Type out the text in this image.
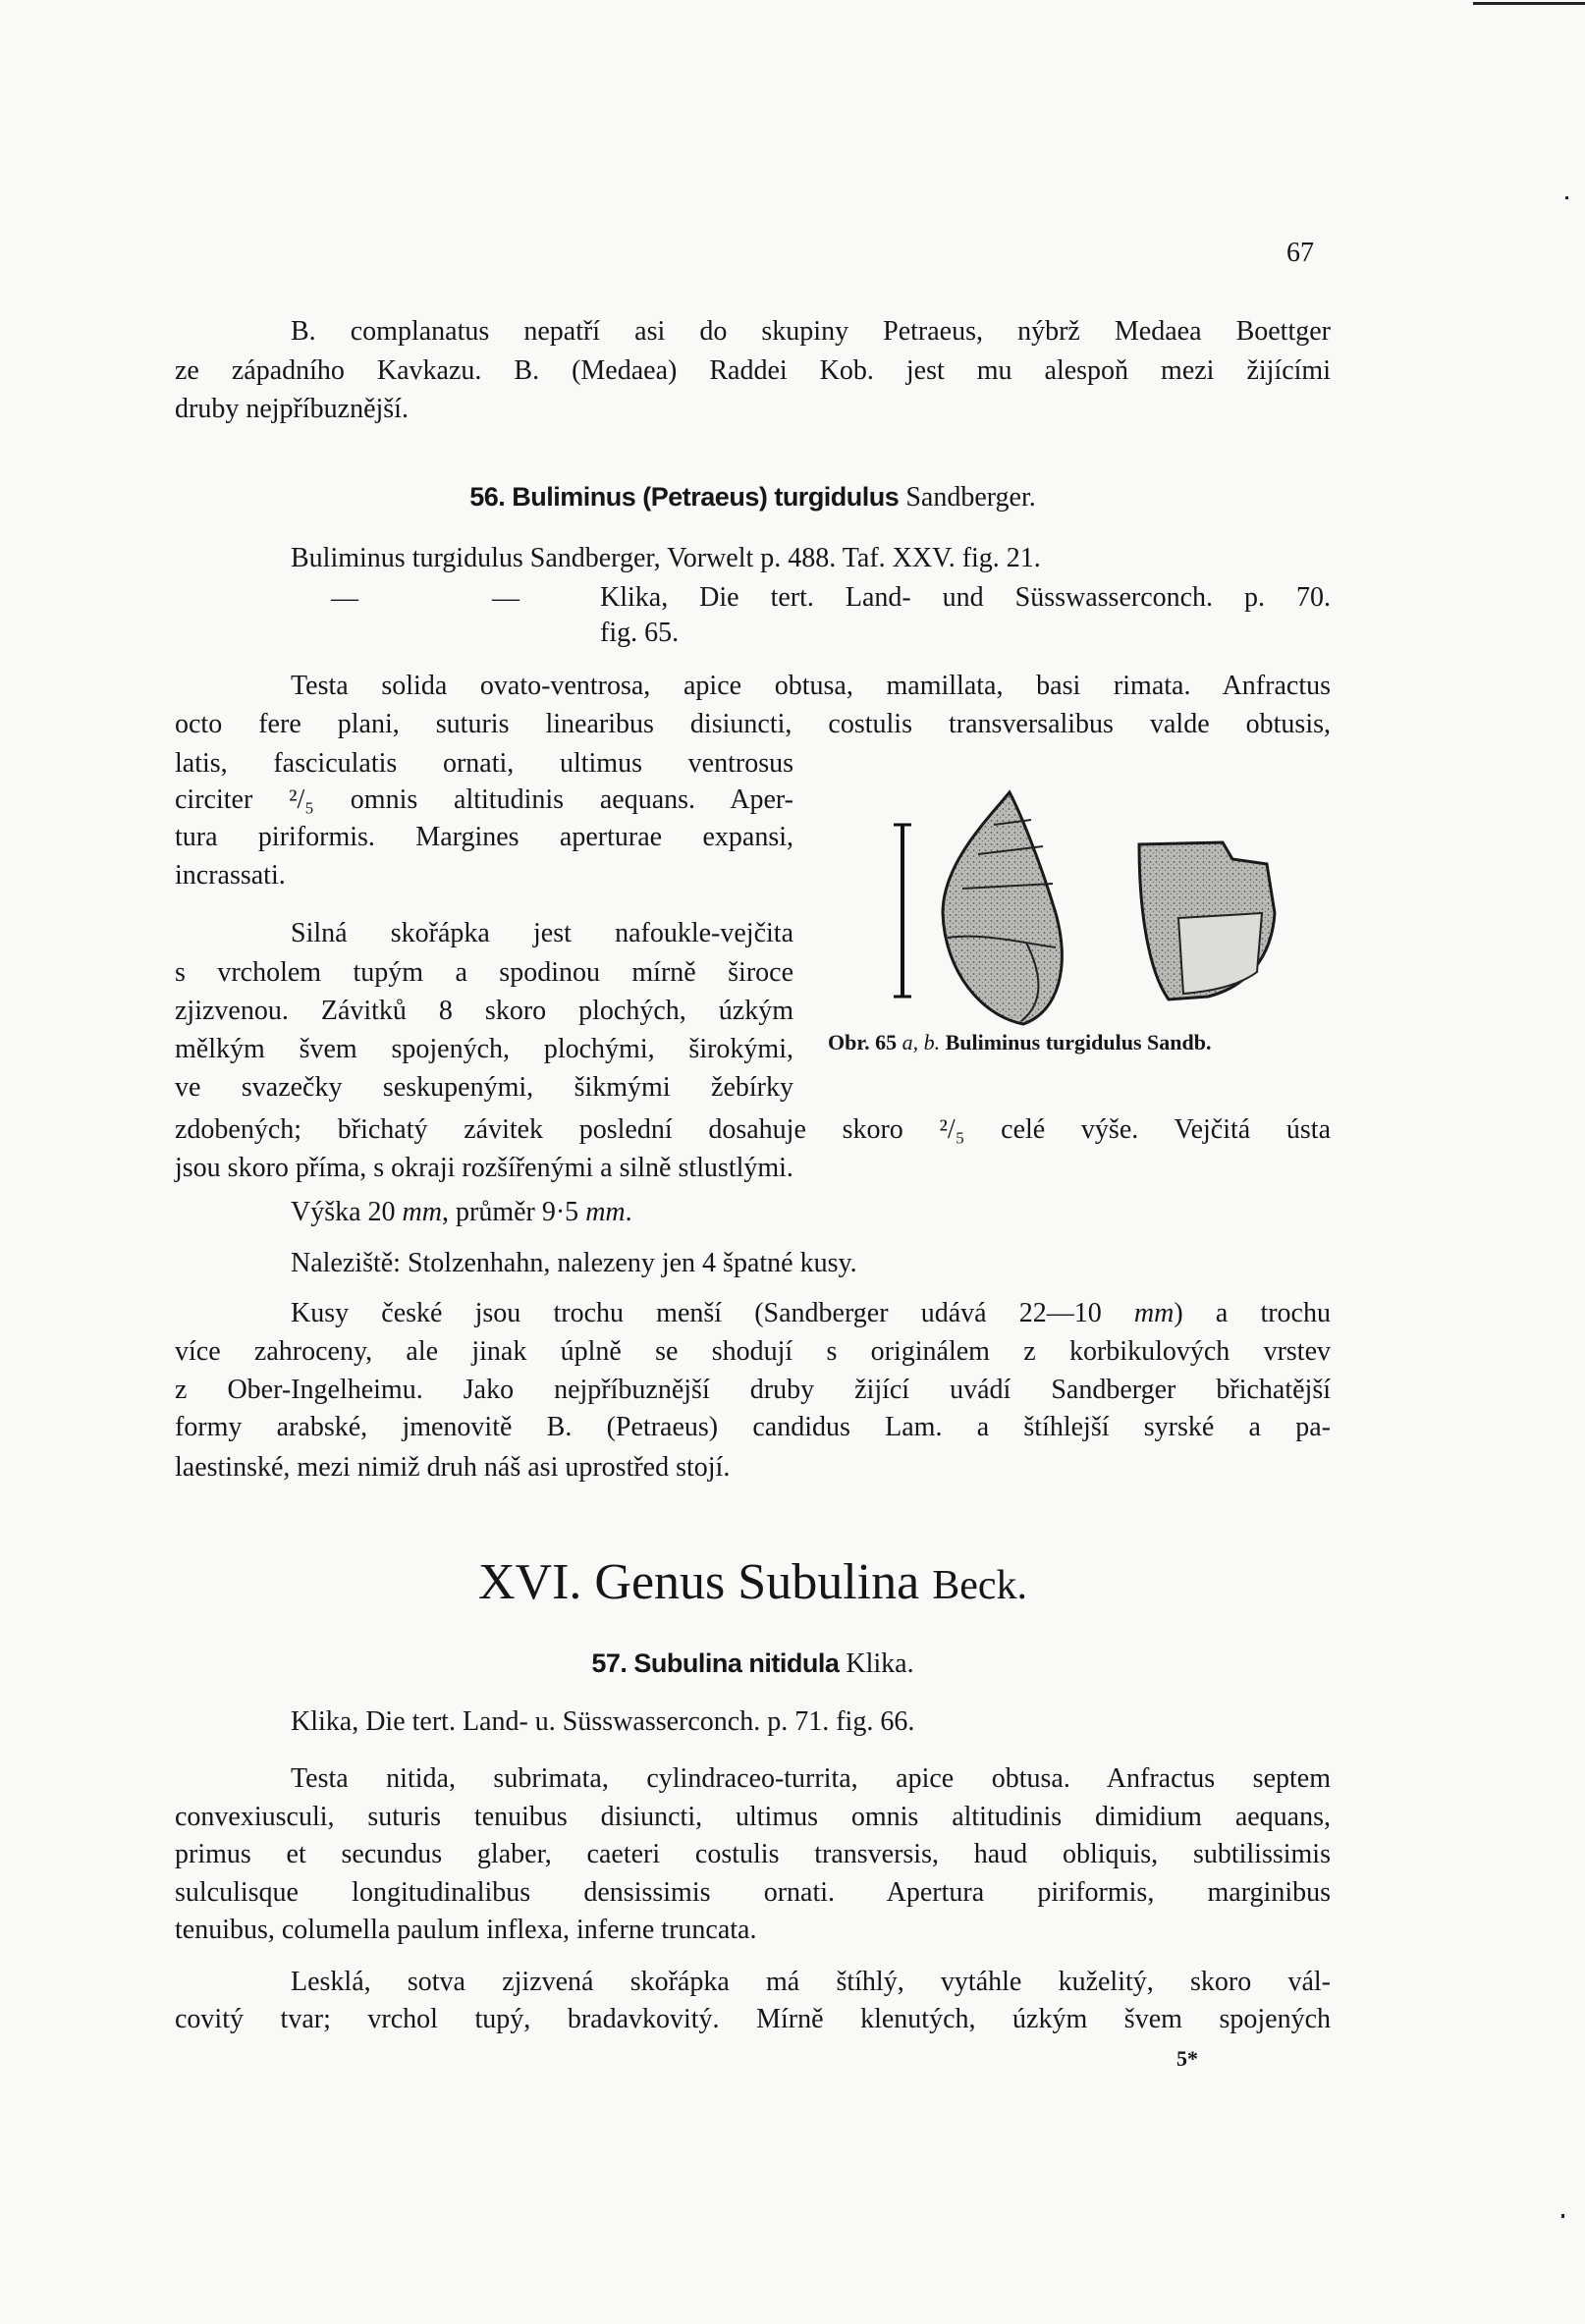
67
B. complanatus nepatří asi do skupiny Petraeus, nýbrž Medaea Boettger
ze západního Kavkazu. B. (Medaea) Raddei Kob. jest mu alespoň mezi žijícími
druby nejpříbuznější.
56. Buliminus (Petraeus) turgidulus Sandberger.
Buliminus turgidulus Sandberger, Vorwelt p. 488. Taf. XXV. fig. 21.
—	—	Klika, Die tert. Land- und Süsswasserconch. p. 70.
fig. 65.
Testa solida ovato-ventrosa, apice obtusa, mamillata, basi rimata. Anfractus
octo fere plani, suturis linearibus disiuncti, costulis transversalibus valde obtusis,
latis, fasciculatis ornati, ultimus ventrosus
circiter ²/₅ omnis altitudinis aequans. Aper-
tura piriformis. Margines aperturae expansi,
incrassati.
Silná skořápka jest nafoukle-vejčita
s vrcholem tupým a spodinou mírně široce
zjizvenou. Závitků 8 skoro plochých, úzkým
mělkým švem spojených, plochými, širokými,
ve svazečky seskupenými, šikmými žebírky
zdobených; břichatý závitek poslední dosahuje skoro ²/₅ celé výše. Vejčitá ústa
jsou skoro příma, s okraji rozšířenými a silně stlustlými.
Obr. 65 a, b. Buliminus turgidulus Sandb.
Výška 20 mm, průměr 9·5 mm.
Naleziště: Stolzenhahn, nalezeny jen 4 špatné kusy.
Kusy české jsou trochu menší (Sandberger udává 22—10 mm) a trochu
více zahroceny, ale jinak úplně se shodují s originálem z korbikulových vrstev
z Ober-Ingelheimu. Jako nejpříbuznější druby žijící uvádí Sandberger břichatější
formy arabské, jmenovitě B. (Petraeus) candidus Lam. a štíhlejší syrské a pa-
laestinské, mezi nimiž druh náš asi uprostřed stojí.
XVI. Genus Subulina Beck.
57. Subulina nitidula Klika.
Klika, Die tert. Land- u. Süsswasserconch. p. 71. fig. 66.
Testa nitida, subrimata, cylindraceo-turrita, apice obtusa. Anfractus septem
convexiusculi, suturis tenuibus disiuncti, ultimus omnis altitudinis dimidium aequans,
primus et secundus glaber, caeteri costulis transversis, haud obliquis, subtilissimis
sulculisque longitudinalibus densissimis ornati. Apertura piriformis, marginibus
tenuibus, columella paulum inflexa, inferne truncata.
Lesklá, sotva zjizvená skořápka má štíhlý, vytáhle kuželitý, skoro vál-
covitý tvar; vrchol tupý, bradavkovitý. Mírně klenutých, úzkým švem spojených
5*
